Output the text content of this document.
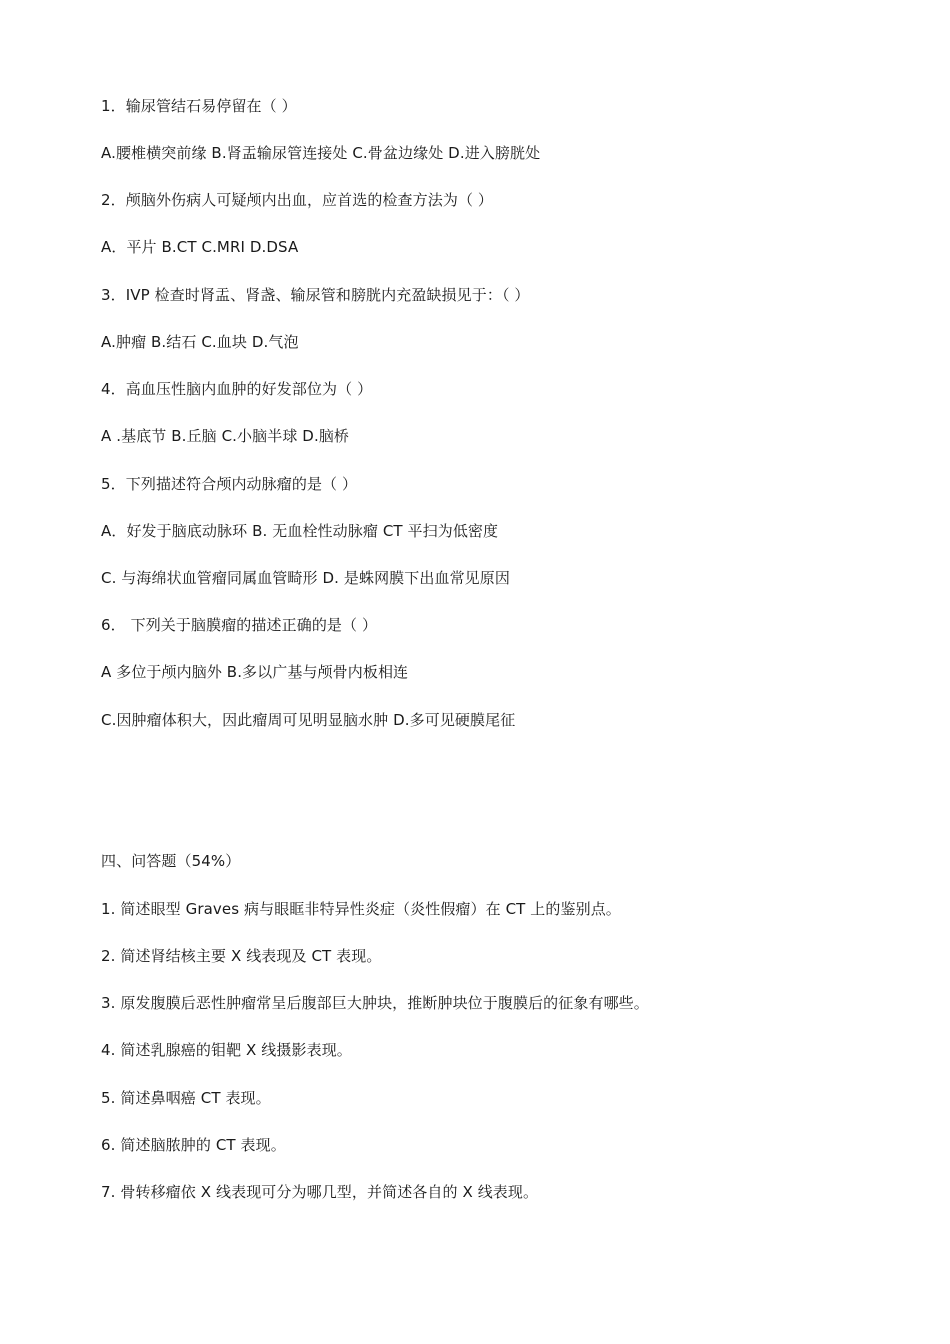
1．输尿管结石易停留在（ ）
A.腰椎横突前缘 B.肾盂输尿管连接处 C.骨盆边缘处 D.进入膀胱处
2．颅脑外伤病人可疑颅内出血，应首选的检查方法为（ ）
A．平片 B.CT C.MRI D.DSA
3．IVP 检查时肾盂、肾盏、输尿管和膀胱内充盈缺损见于：（ ）
A.肿瘤 B.结石 C.血块 D.气泡
4．高血压性脑内血肿的好发部位为（ ）
A .基底节 B.丘脑 C.小脑半球 D.脑桥
5．下列描述符合颅内动脉瘤的是（ ）
A．好发于脑底动脉环 B. 无血栓性动脉瘤 CT 平扫为低密度
C. 与海绵状血管瘤同属血管畸形 D. 是蛛网膜下出血常见原因
6． 下列关于脑膜瘤的描述正确的是（ ）
A 多位于颅内脑外 B.多以广基与颅骨内板相连
C.因肿瘤体积大，因此瘤周可见明显脑水肿 D.多可见硬膜尾征
四、问答题（54%）
1. 简述眼型 Graves 病与眼眶非特异性炎症（炎性假瘤）在 CT 上的鉴别点。
2. 简述肾结核主要 X 线表现及 CT 表现。
3. 原发腹膜后恶性肿瘤常呈后腹部巨大肿块，推断肿块位于腹膜后的征象有哪些。
4. 简述乳腺癌的钼靶 X 线摄影表现。
5. 简述鼻咽癌 CT 表现。
6. 简述脑脓肿的 CT 表现。
7. 骨转移瘤依 X 线表现可分为哪几型，并简述各自的 X 线表现。
